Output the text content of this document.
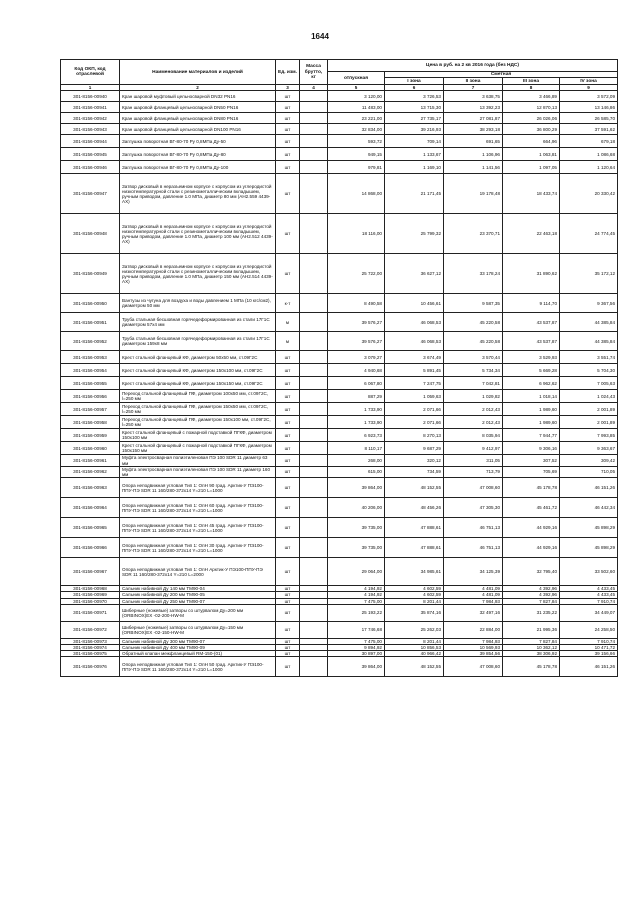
1644
Код ОКП, код отраслевой	Наименование материалов и изделий	Ед. изм.	Масса брутто, кг	Цена в руб. на 2 кв 2016 года (без НДС)				
				отпускная	Сметная			
					I зона	II зона	III зона	IV зона
1	2	3	4	5	6	7	8	9
301-8156-00940	Кран шаровой муфтовый цельносварной DN32 PN16	шт		3 120,00	3 726,53	3 638,75	3 466,89	3 572,09
301-8156-00941	Кран шаровой фланцевый цельносварной DN50 PN16	шт		11 483,00	13 715,30	13 392,23	12 870,13	13 146,86
301-8156-00942	Кран шаровой фланцевый цельносварной DN80 PN16	шт		23 221,00	27 735,17	27 081,87	26 026,06	26 585,70
301-8156-00943	Кран шаровой фланцевый цельносварной DN100 PN16	шт		32 834,00	39 216,93	38 293,18	36 800,29	37 591,62
301-8156-00944	Заглушка поворотная ВГ-80-70 Ру 0,8МПа Ду-50	шт		593,72	709,14	691,65	664,96	679,18
301-8156-00945	Заглушка поворотная ВГ-80-70 Ру 0,8МПа Ду-80	шт		949,15	1 133,67	1 106,96	1 063,81	1 086,68
301-8156-00946	Заглушка поворотная ВГ-80-70 Ру 0,8МПа Ду-100	шт		979,81	1 169,10	1 141,56	1 097,05	1 120,64
301-8156-00947	Затвор дисковый в неразъемном корпусе с корпусом из углеродистой низкотемпературной стали с резинометаллическим вкладышем, ручным приводом, давление 1.0 МПа, диаметр 80 мм (АН2.559 4439-АХ)	шт		14 868,00	21 171,45	19 178,48	18 433,74	20 330,42
301-8156-00948	Затвор дисковый в неразъемном корпусе с корпусом из углеродистой низкотемпературной стали с резинометаллическим вкладышем, ручным приводом, давление 1.0 МПа, диаметр 100 мм (АН2.512 4439-АХ)	шт		18 116,00	25 799,32	23 370,71	22 463,18	24 774,45
301-8156-00949	Затвор дисковый в неразъемном корпусе с корпусом из углеродистой низкотемпературной стали с резинометаллическим вкладышем, ручным приводом, давление 1.0 МПа, диаметр 150 мм (АН2.514 4439-АХ)	шт		25 722,00	36 627,12	33 178,24	31 890,62	35 172,12
301-8156-00950	Вантузы из чугуна для воздуха и воды давлением 1 МПа (10 кгс/см2), диаметром 50 мм	к-т		8 490,58	10 456,61	9 587,35	9 114,70	9 367,56
301-8156-00951	Труба стальная бесшовная горячедеформированная из стали 17Г1С диаметром 57х4 мм	м		39 576,27	46 068,53	45 220,58	43 537,87	44 385,84
301-8156-00952	Труба стальная бесшовная горячедеформированная из стали 17Г1С диаметром 159х8 мм	м		39 576,27	46 068,53	45 220,58	43 537,87	44 385,84
301-8156-00953	Крест стальной фланцевый КФ, диаметром 50х50 мм, ст.09Г2С	шт		3 079,27	3 674,49	3 570,44	3 529,93	3 551,74
301-8156-00954	Крест стальной фланцевый КФ, диаметром 150х100 мм, ст.09Г2С	шт		4 940,68	5 891,45	5 734,34	5 669,28	5 704,30
301-8156-00955	Крест стальной фланцевый КФ, диаметром 150х150 мм, ст.09Г2С	шт		6 067,80	7 247,75	7 042,81	6 962,62	7 005,63
301-8156-00956	Переход стальной фланцевый ПФ, диаметром 100х50 мм, ст.09Г2С, l=250 мм	шт		887,29	1 059,63	1 029,82	1 018,14	1 024,43
301-8156-00957	Переход стальной фланцевый ПФ, диаметром 150х50 мм, ст.09Г2С, l=250 мм	шт		1 733,90	2 071,66	2 012,43	1 989,60	2 001,89
301-8156-00958	Переход стальной фланцевый ПФ, диаметром 150х100 мм, ст.09Г2С, l=250 мм	шт		1 733,90	2 071,66	2 012,43	1 989,60	2 001,89
301-8156-00959	Крест стальной фланцевый с пожарной подставкой ПГКФ, диаметром 150х100 мм	шт		6 923,73	8 270,13	8 035,94	7 944,77	7 993,85
301-8156-00960	Крест стальной фланцевый с пожарной подставкой ПГКФ, диаметром 150х150 мм	шт		8 110,17	9 687,29	9 412,97	9 306,16	9 363,67
301-8156-00961	Муфта электросварная полиэтиленовая ПЭ 100 SDR 11 диаметр 63 мм	шт		268,00	320,12	311,05	307,52	309,42
301-8156-00962	Муфта электросварная полиэтиленовая ПЭ 100 SDR 11 диаметр 160 мм	шт		615,00	734,59	713,79	705,69	710,05
301-8156-00963	Опора неподвижная угловая Тип 1: ОпН 90 град. Арктик-У ПЭ100-ППУ-ПЭ SDR 11 160/280-372х14 Y=210 L=1000	шт		39 864,00	48 152,55	47 008,60	45 178,78	46 151,26
301-8156-00964	Опора неподвижная угловая Тип 1: ОпН 60 град. Арктик-У ПЭ100-ППУ-ПЭ SDR 11 160/280-372х14 Y=210 L=1000	шт		40 206,00	48 456,26	47 305,30	45 461,72	46 442,34
301-8156-00965	Опора неподвижная угловая Тип 1: ОпН 45 град. Арктик-У ПЭ100-ППУ-ПЭ SDR 11 160/280-372х14 Y=210 L=1000	шт		39 735,00	47 888,61	46 751,13	44 929,16	45 898,29
301-8156-00966	Опора неподвижная угловая Тип 1: ОпН 30 град. Арктик-У ПЭ100-ППУ-ПЭ SDR 11 160/280-372х14 Y=210 L=1000	шт		39 735,00	47 888,61	46 751,13	44 929,16	45 898,29
301-8156-00967	Опора неподвижная угловая Тип 1: ОпН Арктик-У ПЭ100-ППУ-ПЭ SDR 11 160/280-372х14 Y=210 L=2000	шт		29 064,00	34 985,61	34 125,39	32 795,40	33 502,60
301-8156-00968	Сальник набивной Ду 140 мм ТМ90-04	шт		4 194,92	4 602,59	4 481,09	4 392,96	4 433,45
301-8156-00969	Сальник набивной Ду 200 мм ТМ90-05	шт		4 194,92	4 602,59	4 481,09	4 392,96	4 433,45
301-8156-00970	Сальник набивной Ду 250 мм ТМ90-07	шт		7 475,00	8 201,44	7 984,93	7 827,84	7 910,74
301-8156-00971	Шиберные (ножевые) затворы со штурвалом Ду=200 мм (ORBINOX)EX -02-200-HW-M	шт		25 193,22	35 874,16	32 497,16	31 235,22	34 449,07
301-8156-00972	Шиберные (ножевые) затворы со штурвалом Ду=150 мм (ORBINOX)EX -02-150-HW-M	шт		17 746,68	25 262,03	22 884,00	21 995,36	24 258,50
301-8156-00973	Сальник набивной Ду 300 мм ТМ90-07	шт		7 475,00	8 201,44	7 984,93	7 827,84	7 910,74
301-8156-00974	Сальник набивной Ду 400 мм ТМ90-09	шт		9 894,92	10 856,53	10 569,93	10 362,12	10 471,72
301-8156-00975	Обратный клапан межфланцевый RM-150-(01)	шт		30 897,00	40 966,42	39 854,56	38 306,92	39 156,66
301-8156-00976	Опора неподвижная угловая Тип 1: ОпН 50 град. Арктик-У ПЭ100-ППУ-ПЭ SDR 11 160/280-372х14 Y=210 L=1000	шт		39 864,00	48 152,55	47 008,60	45 178,78	46 151,26
